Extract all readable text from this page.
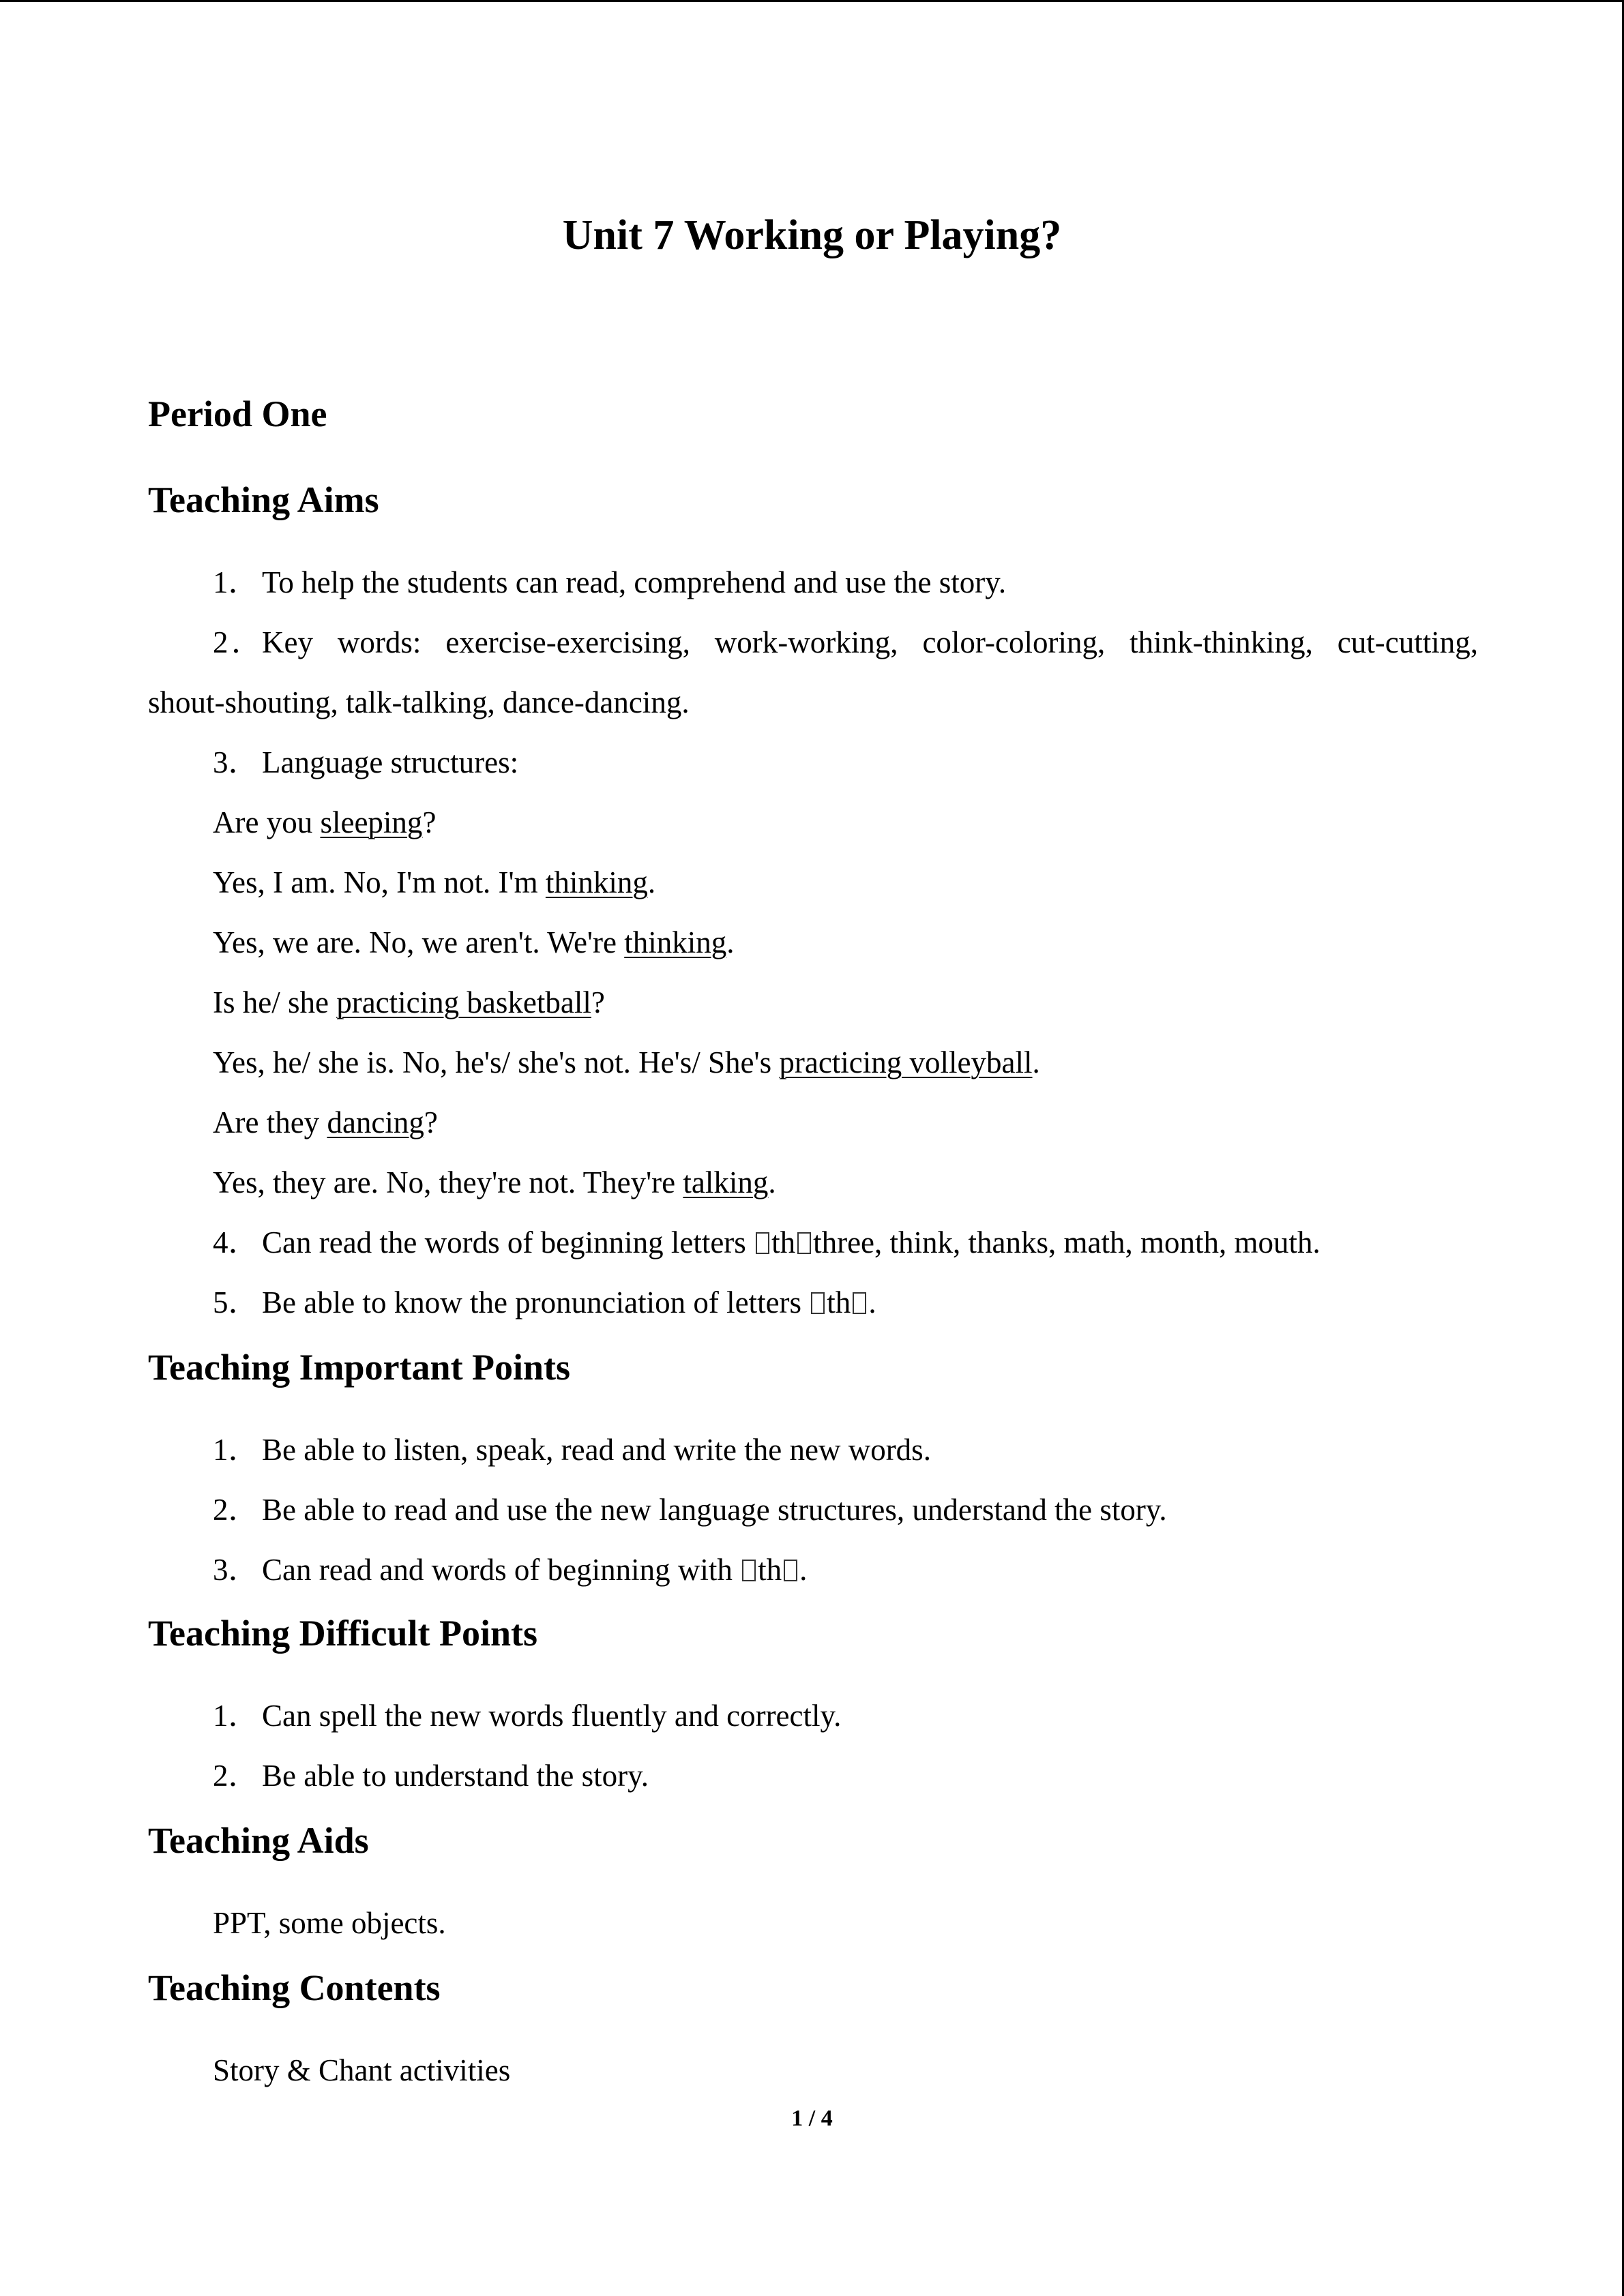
Unit 7 Working or Playing?
Period One
Teaching Aims
1．To help the students can read, comprehend and use the story.
2．Key words: exercise-exercising, work-working, color-coloring, think-thinking, cut-cutting,
shout-shouting, talk-talking, dance-dancing.
3．Language structures:
Are you sleeping?
Yes, I am. No, I'm not. I'm thinking.
Yes, we are. No, we aren't. We're thinking.
Is he/ she practicing basketball?
Yes, he/ she is. No, he's/ she's not. He's/ She's practicing volleyball.
Are they dancing?
Yes, they are. No, they're not. They're talking.
4．Can read the words of beginning letters th three, think, thanks, math, month, mouth.
5．Be able to know the pronunciation of letters th .
Teaching Important Points
1．Be able to listen, speak, read and write the new words.
2．Be able to read and use the new language structures, understand the story.
3．Can read and words of beginning with th .
Teaching Difficult Points
1．Can spell the new words fluently and correctly.
2．Be able to understand the story.
Teaching Aids
PPT, some objects.
Teaching Contents
Story & Chant activities
1 / 4
